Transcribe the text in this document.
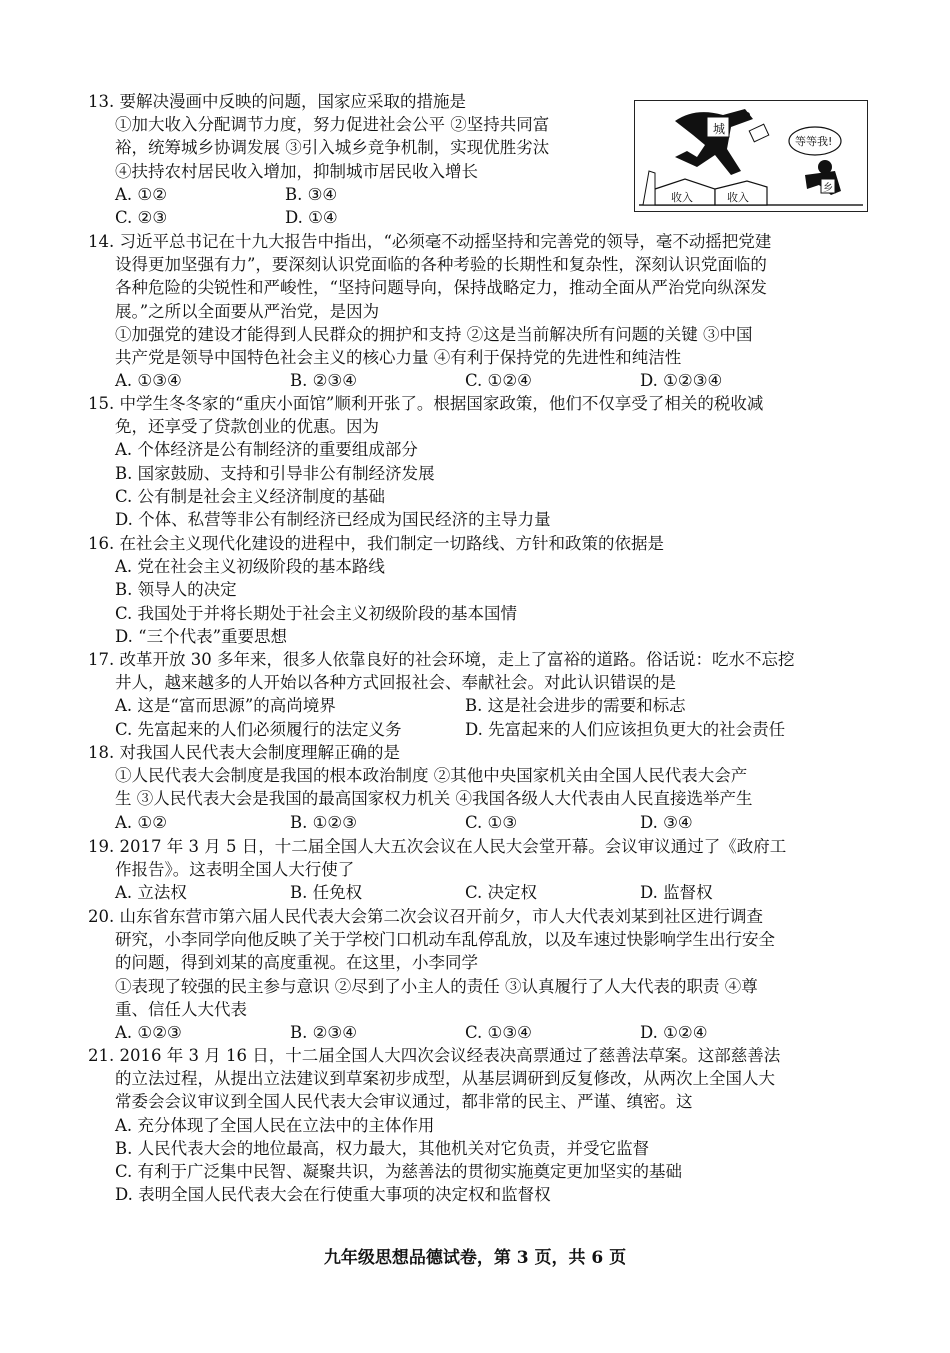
13. 要解决漫画中反映的问题，国家应采取的措施是
①加大收入分配调节力度，努力促进社会公平 ②坚持共同富
裕，统筹城乡协调发展 ③引入城乡竞争机制，实现优胜劣汰
④扶持农村居民收入增加，抑制城市居民收入增长
A. ①②	B. ③④
C. ②③	D. ①④
城
乡
等等我!
收入	收入
14. 习近平总书记在十九大报告中指出，“必须毫不动摇坚持和完善党的领导，毫不动摇把党建
设得更加坚强有力”，要深刻认识党面临的各种考验的长期性和复杂性，深刻认识党面临的
各种危险的尖锐性和严峻性，“坚持问题导向，保持战略定力，推动全面从严治党向纵深发
展。”之所以全面要从严治党，是因为
①加强党的建设才能得到人民群众的拥护和支持 ②这是当前解决所有问题的关键 ③中国
共产党是领导中国特色社会主义的核心力量 ④有利于保持党的先进性和纯洁性
A. ①③④	B. ②③④	C. ①②④	D. ①②③④
15. 中学生冬冬家的“重庆小面馆”顺利开张了。根据国家政策，他们不仅享受了相关的税收减
免，还享受了贷款创业的优惠。因为
A. 个体经济是公有制经济的重要组成部分
B. 国家鼓励、支持和引导非公有制经济发展
C. 公有制是社会主义经济制度的基础
D. 个体、私营等非公有制经济已经成为国民经济的主导力量
16. 在社会主义现代化建设的进程中，我们制定一切路线、方针和政策的依据是
A. 党在社会主义初级阶段的基本路线
B. 领导人的决定
C. 我国处于并将长期处于社会主义初级阶段的基本国情
D. “三个代表”重要思想
17. 改革开放 30 多年来，很多人依靠良好的社会环境，走上了富裕的道路。俗话说：吃水不忘挖
井人，越来越多的人开始以各种方式回报社会、奉献社会。对此认识错误的是
A. 这是“富而思源”的高尚境界	B. 这是社会进步的需要和标志
C. 先富起来的人们必须履行的法定义务	D. 先富起来的人们应该担负更大的社会责任
18. 对我国人民代表大会制度理解正确的是
①人民代表大会制度是我国的根本政治制度 ②其他中央国家机关由全国人民代表大会产
生 ③人民代表大会是我国的最高国家权力机关 ④我国各级人大代表由人民直接选举产生
A. ①②	B. ①②③	C. ①③	D. ③④
19. 2017 年 3 月 5 日，十二届全国人大五次会议在人民大会堂开幕。会议审议通过了《政府工
作报告》。这表明全国人大行使了
A. 立法权	B. 任免权	C. 决定权	D. 监督权
20. 山东省东营市第六届人民代表大会第二次会议召开前夕，市人大代表刘某到社区进行调查
研究，小李同学向他反映了关于学校门口机动车乱停乱放，以及车速过快影响学生出行安全
的问题，得到刘某的高度重视。在这里，小李同学
①表现了较强的民主参与意识 ②尽到了小主人的责任 ③认真履行了人大代表的职责 ④尊
重、信任人大代表
A. ①②③	B. ②③④	C. ①③④	D. ①②④
21. 2016 年 3 月 16 日，十二届全国人大四次会议经表决高票通过了慈善法草案。这部慈善法
的立法过程，从提出立法建议到草案初步成型，从基层调研到反复修改，从两次上全国人大
常委会会议审议到全国人民代表大会审议通过，都非常的民主、严谨、缜密。这
A. 充分体现了全国人民在立法中的主体作用
B. 人民代表大会的地位最高，权力最大，其他机关对它负责，并受它监督
C. 有利于广泛集中民智、凝聚共识，为慈善法的贯彻实施奠定更加坚实的基础
D. 表明全国人民代表大会在行使重大事项的决定权和监督权
九年级思想品德试卷，第 3 页，共 6 页
